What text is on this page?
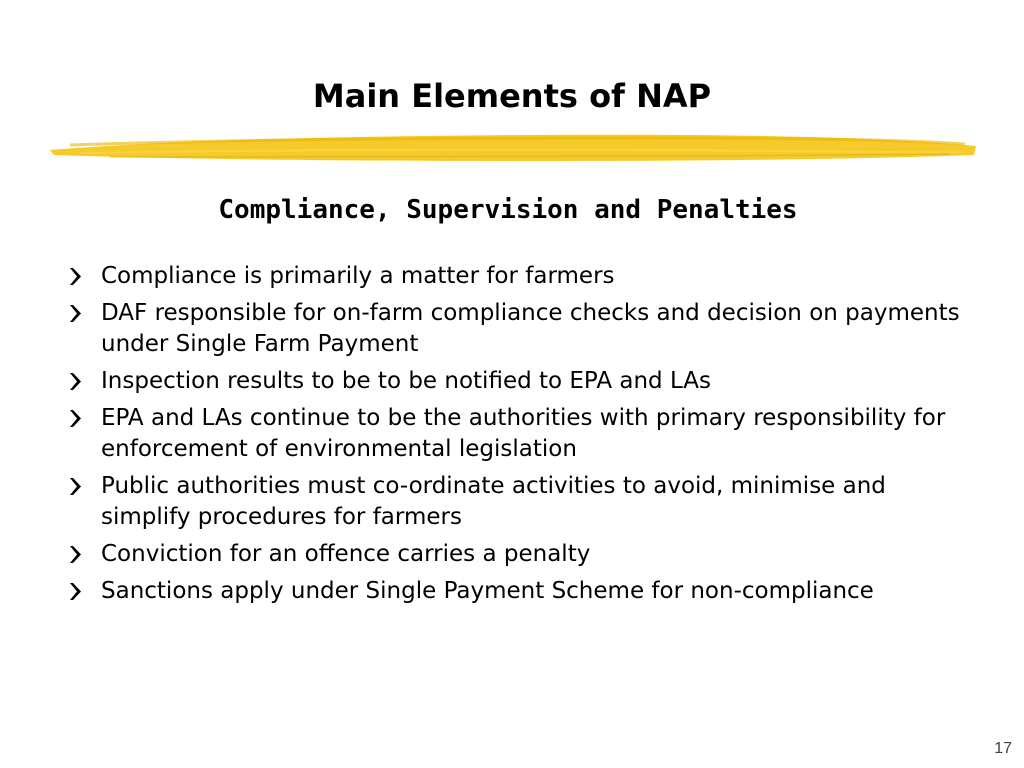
Main Elements of NAP
Compliance, Supervision and Penalties
Compliance is primarily a matter for farmers
DAF responsible for on-farm compliance checks and decision on payments under Single Farm Payment
Inspection results to be to be notified to EPA and LAs
EPA and LAs continue to be the authorities with primary responsibility for enforcement of environmental legislation
Public authorities must co-ordinate activities to avoid, minimise and simplify procedures for farmers
Conviction for an offence carries a penalty
Sanctions apply under Single Payment Scheme for non-compliance
17
